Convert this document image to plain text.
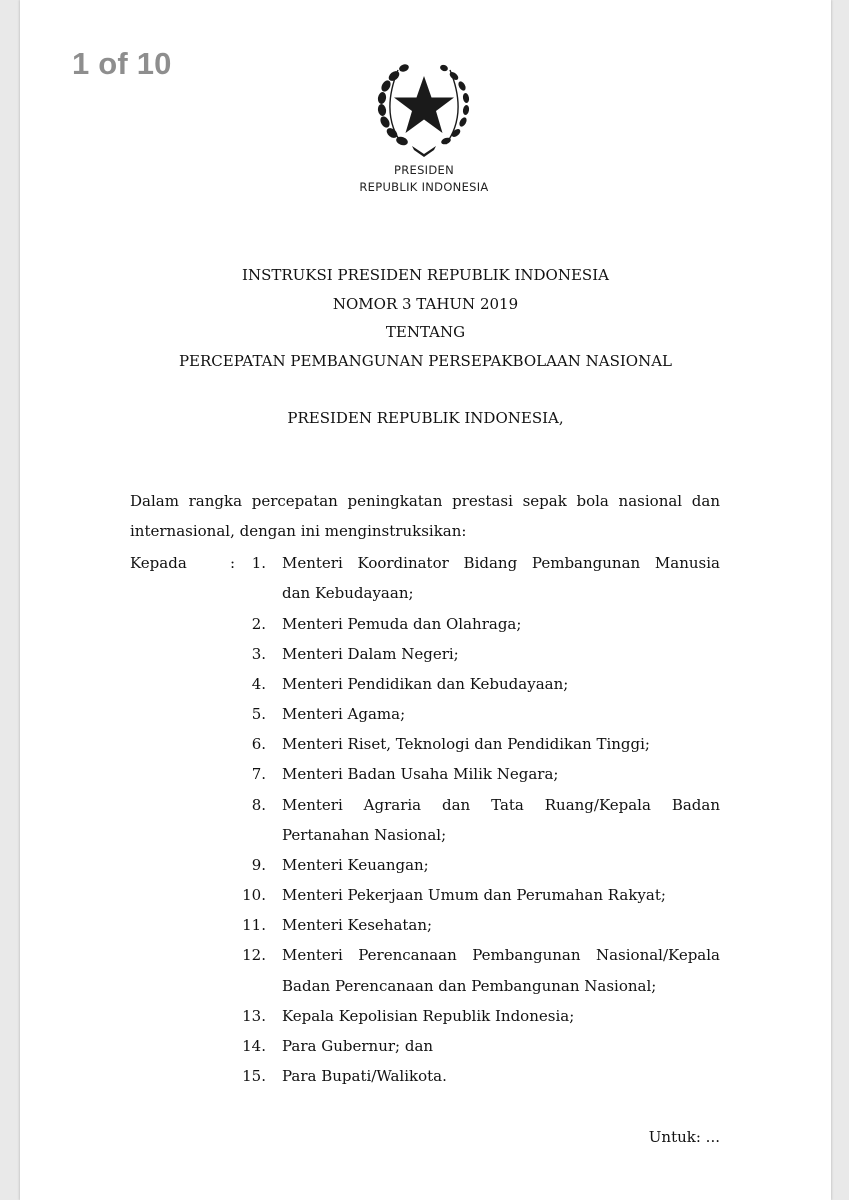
1 of 10
PRESIDEN
REPUBLIK INDONESIA
INSTRUKSI PRESIDEN REPUBLIK INDONESIA
NOMOR 3 TAHUN 2019
TENTANG
PERCEPATAN PEMBANGUNAN PERSEPAKBOLAAN NASIONAL
PRESIDEN REPUBLIK INDONESIA,
Dalam rangka percepatan peningkatan prestasi sepak bola nasional dan
internasional, dengan ini menginstruksikan:
Kepada	: 1. Menteri Koordinator Bidang Pembangunan Manusia
dan Kebudayaan;
2. Menteri Pemuda dan Olahraga;
3. Menteri Dalam Negeri;
4. Menteri Pendidikan dan Kebudayaan;
5. Menteri Agama;
6. Menteri Riset, Teknologi dan Pendidikan Tinggi;
7. Menteri Badan Usaha Milik Negara;
8. Menteri Agraria dan Tata Ruang/Kepala Badan
Pertanahan Nasional;
9. Menteri Keuangan;
10. Menteri Pekerjaan Umum dan Perumahan Rakyat;
11. Menteri Kesehatan;
12. Menteri Perencanaan Pembangunan Nasional/Kepala
Badan Perencanaan dan Pembangunan Nasional;
13. Kepala Kepolisian Republik Indonesia;
14. Para Gubernur; dan
15. Para Bupati/Walikota.
Untuk: ...
